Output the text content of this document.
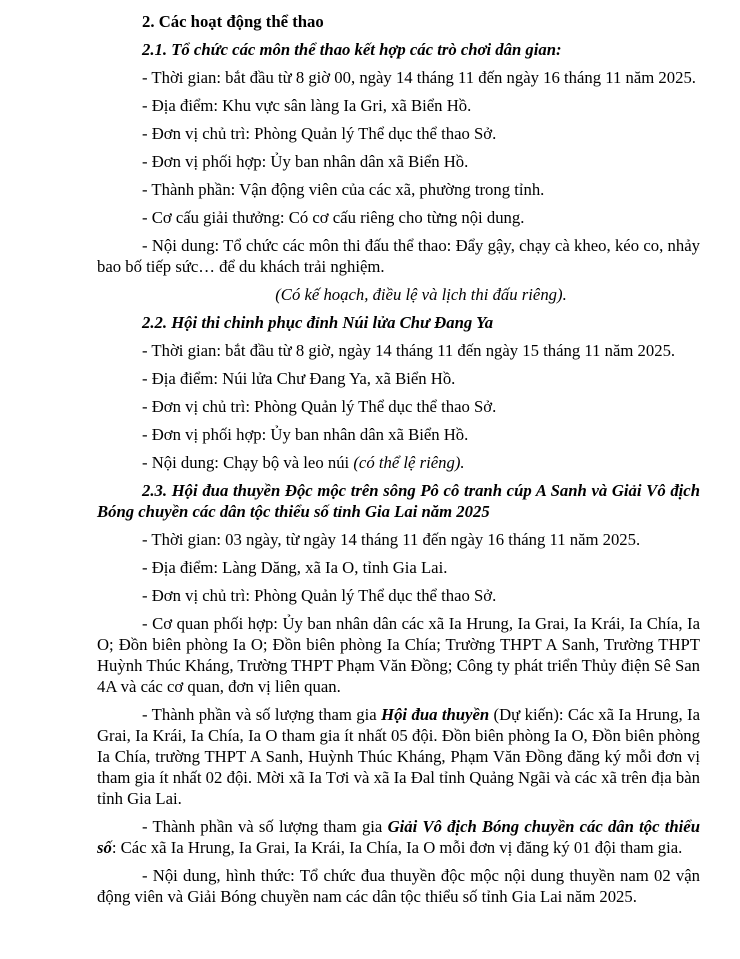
2. Các hoạt động thể thao

2.1. Tổ chức các môn thể thao kết hợp các trò chơi dân gian:

- Thời gian: bắt đầu từ 8 giờ 00, ngày 14 tháng 11 đến ngày 16 tháng 11 năm 2025.

- Địa điểm: Khu vực sân làng Ia Gri, xã Biển Hồ.

- Đơn vị chủ trì: Phòng Quản lý Thể dục thể thao Sở.

- Đơn vị phối hợp: Ủy ban nhân dân xã Biển Hồ.

- Thành phần: Vận động viên của các xã, phường trong tỉnh.

- Cơ cấu giải thưởng: Có cơ cấu riêng cho từng nội dung.

- Nội dung: Tổ chức các môn thi đấu thể thao: Đẩy gậy, chạy cà kheo, kéo co, nhảy bao bố tiếp sức… để du khách trải nghiệm.

(Có kế hoạch, điều lệ và lịch thi đấu riêng).

2.2. Hội thi chinh phục đỉnh Núi lửa Chư Đang Ya

- Thời gian: bắt đầu từ 8 giờ, ngày 14 tháng 11 đến ngày 15 tháng 11 năm 2025.

- Địa điểm: Núi lửa Chư Đang Ya, xã Biển Hồ.

- Đơn vị chủ trì: Phòng Quản lý Thể dục thể thao Sở.

- Đơn vị phối hợp: Ủy ban nhân dân xã Biển Hồ.

- Nội dung: Chạy bộ và leo núi (có thể lệ riêng).

2.3. Hội đua thuyền Độc mộc trên sông Pô cô tranh cúp A Sanh và Giải Vô địch Bóng chuyền các dân tộc thiểu số tỉnh Gia Lai năm 2025

- Thời gian: 03 ngày, từ ngày 14 tháng 11 đến ngày 16 tháng 11 năm 2025.

- Địa điểm: Làng Dăng, xã Ia O, tỉnh Gia Lai.

- Đơn vị chủ trì: Phòng Quản lý Thể dục thể thao Sở.

- Cơ quan phối hợp: Ủy ban nhân dân các xã Ia Hrung, Ia Grai, Ia Krái, Ia Chía, Ia O; Đồn biên phòng Ia O; Đồn biên phòng Ia Chía; Trường THPT A Sanh, Trường THPT Huỳnh Thúc Kháng, Trường THPT Phạm Văn Đồng; Công ty phát triển Thủy điện Sê San 4A và các cơ quan, đơn vị liên quan.

- Thành phần và số lượng tham gia Hội đua thuyền (Dự kiến): Các xã Ia Hrung, Ia Grai, Ia Krái, Ia Chía, Ia O tham gia ít nhất 05 đội. Đồn biên phòng Ia O, Đồn biên phòng Ia Chía, trường THPT A Sanh, Huỳnh Thúc Kháng, Phạm Văn Đồng đăng ký mỗi đơn vị tham gia ít nhất 02 đội. Mời xã Ia Tơi và xã Ia Đal tỉnh Quảng Ngãi và các xã trên địa bàn tỉnh Gia Lai.

- Thành phần và số lượng tham gia Giải Vô địch Bóng chuyền các dân tộc thiểu số: Các xã Ia Hrung, Ia Grai, Ia Krái, Ia Chía, Ia O mỗi đơn vị đăng ký 01 đội tham gia.

- Nội dung, hình thức: Tổ chức đua thuyền độc mộc nội dung thuyền nam 02 vận động viên và Giải Bóng chuyền nam các dân tộc thiểu số tỉnh Gia Lai năm 2025.
